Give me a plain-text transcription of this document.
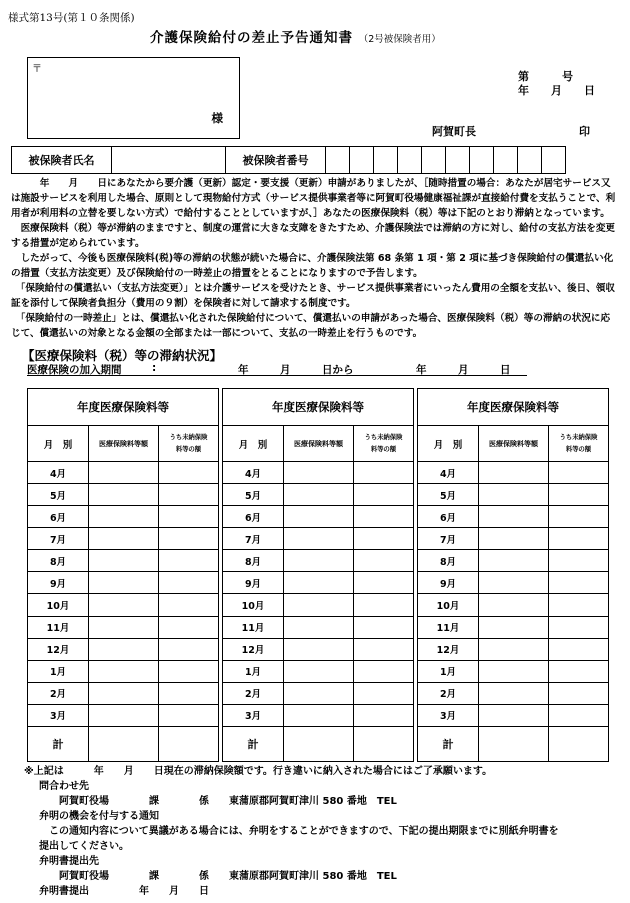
様式第13号(第１０条関係)
介護保険給付の差止予告通知書 （2号被保険者用）
〒
様
第　　　号
年　　月　　日
阿賀町長	印
被保険者氏名		被保険者番号										

　　　年　　月　　日にあなたから要介護（更新）認定・要支援（更新）申請がありましたが、［随時措置の場合：あなたが居宅サービス又は施設サービスを利用した場合、原則として現物給付方式（サービス提供事業者等に阿賀町役場健康福祉課が直接給付費を支払うことで、利用者が利用料の立替を要しない方式）で給付することとしていますが、］あなたの医療保険料（税）等は下記のとおり滞納となっています。

　医療保険料（税）等が滞納のままですと、制度の運営に大きな支障をきたすため、介護保険法では滞納の方に対し、給付の支払方法を変更する措置が定められています。

　したがって、今後も医療保険料(税)等の滞納の状態が続いた場合に、介護保険法第 68 条第 1 項・第 2 項に基づき保険給付の償還払い化の措置（支払方法変更）及び保険給付の一時差止の措置をとることになりますので予告します。

　「保険給付の償還払い（支払方法変更）」とは介護サービスを受けたとき、サービス提供事業者にいったん費用の全額を支払い、後日、領収証を添付して保険者負担分（費用の９割）を保険者に対して請求する制度です。

　「保険給付の一時差止」とは、償還払い化された保険給付について、償還払いの申請があった場合、医療保険料（税）等の滞納の状況に応じて、償還払いの対象となる金額の全部または一部について、支払の一時差止を行うものです。

【医療保険料（税）等の滞納状況】
医療保険の加入期間	:	年　　　月　　　日から	年　　　月　　　日
年度医療保険料等		
月　別	医療保険料等額	うち未納保険
料等の額
4月		
5月		
6月		
7月		
8月		
9月		
10月		
11月		
12月		
1月		
2月		
3月		
計		
年度医療保険料等		
月　別	医療保険料等額	うち未納保険
料等の額
4月		
5月		
6月		
7月		
8月		
9月		
10月		
11月		
12月		
1月		
2月		
3月		
計		
年度医療保険料等		
月　別	医療保険料等額	うち未納保険
料等の額
4月		
5月		
6月		
7月		
8月		
9月		
10月		
11月		
12月		
1月		
2月		
3月		
計		
※上記は　　　年　　月　　日現在の滞納保険額です。行き違いに納入された場合にはご了承願います。
問合わせ先
阿賀町役場　　　　課　　　　係　　東蒲原郡阿賀町津川 580 番地　TEL
弁明の機会を付与する通知
　この通知内容について異議がある場合には、弁明をすることができますので、下記の提出期限までに別紙弁明書を
提出してください。
弁明書提出先
阿賀町役場　　　　課　　　　係　　東蒲原郡阿賀町津川 580 番地　TEL
弁明書提出　　　　　年　　月　　日
